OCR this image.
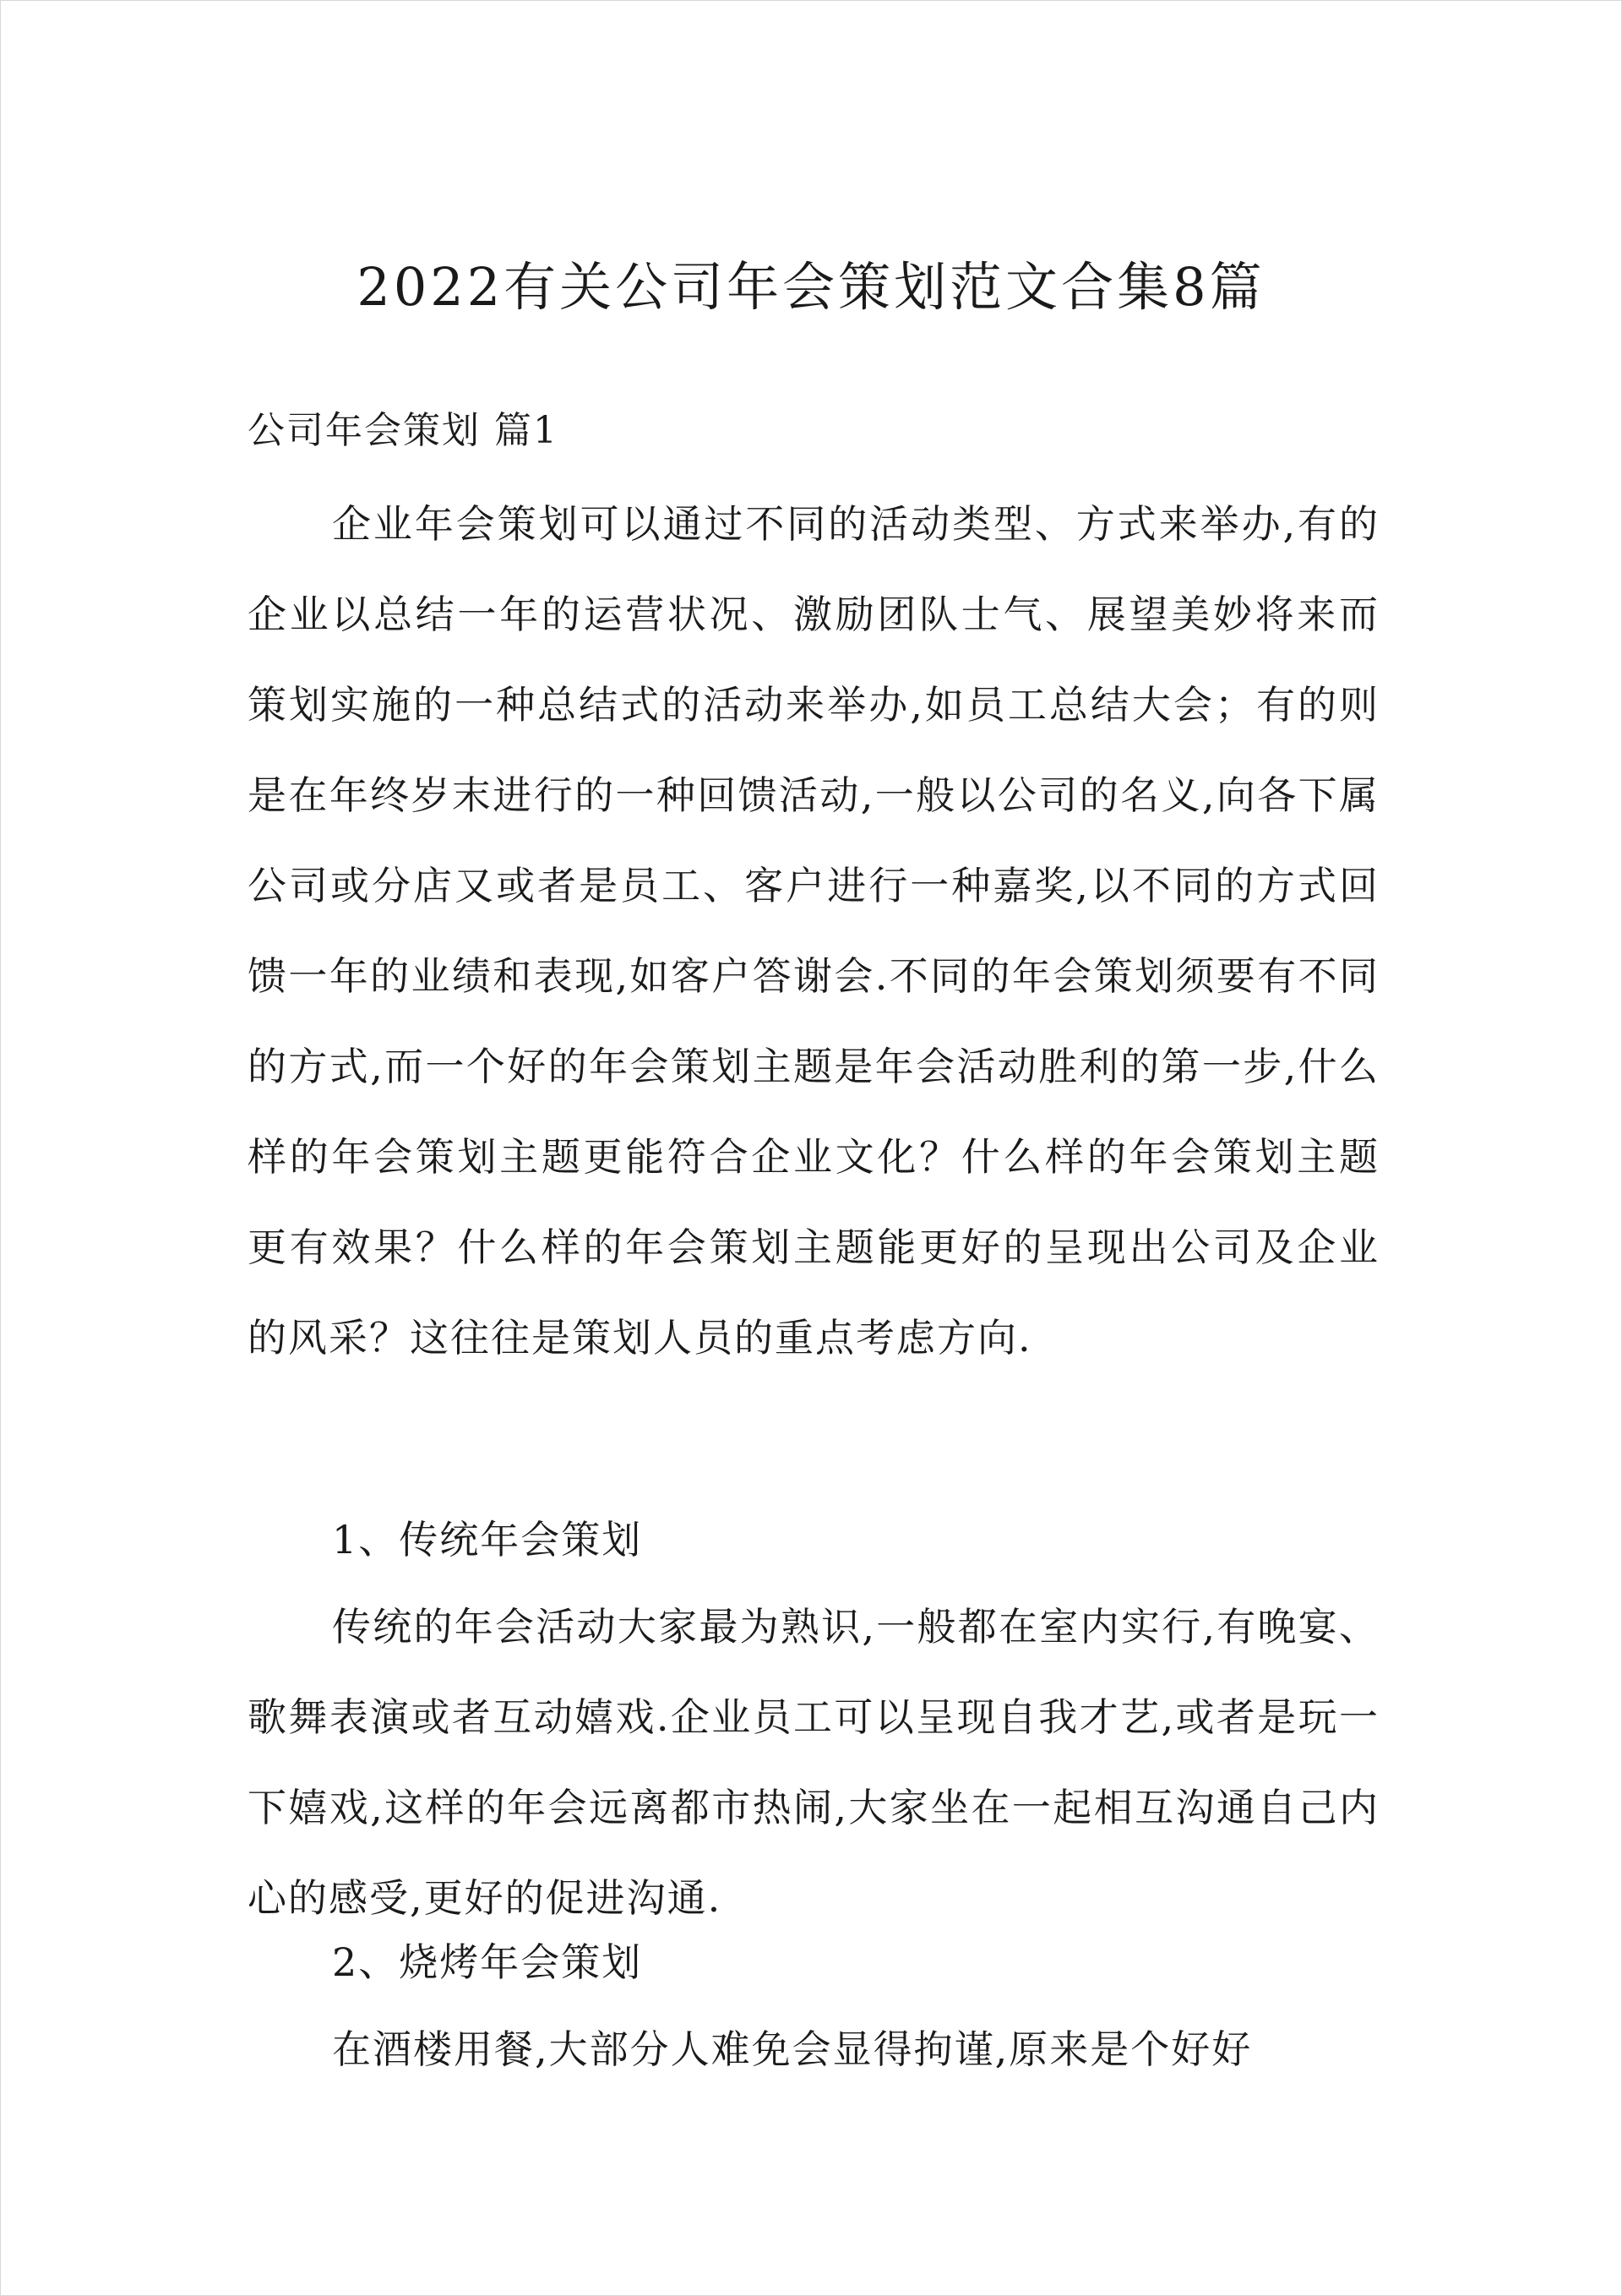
2022有关公司年会策划范文合集8篇
公司年会策划 篇1

企业年会策划可以通过不同的活动类型、方式来举办,有的企业以总结一年的运营状况、激励团队士气、展望美妙将来而策划实施的一种总结式的活动来举办,如员工总结大会；有的则是在年终岁末进行的一种回馈活动,一般以公司的名义,向各下属公司或分店又或者是员工、客户进行一种嘉奖,以不同的方式回馈一年的业绩和表现,如客户答谢会.不同的年会策划须要有不同的方式,而一个好的年会策划主题是年会活动胜利的第一步,什么样的年会策划主题更能符合企业文化？什么样的年会策划主题更有效果？什么样的年会策划主题能更好的呈现出公司及企业的风采？这往往是策划人员的重点考虑方向.

1、传统年会策划

传统的年会活动大家最为熟识,一般都在室内实行,有晚宴、歌舞表演或者互动嬉戏.企业员工可以呈现自我才艺,或者是玩一下嬉戏,这样的年会远离都市热闹,大家坐在一起相互沟通自己内心的感受,更好的促进沟通.

2、烧烤年会策划

在酒楼用餐,大部分人难免会显得拘谨,原来是个好好
